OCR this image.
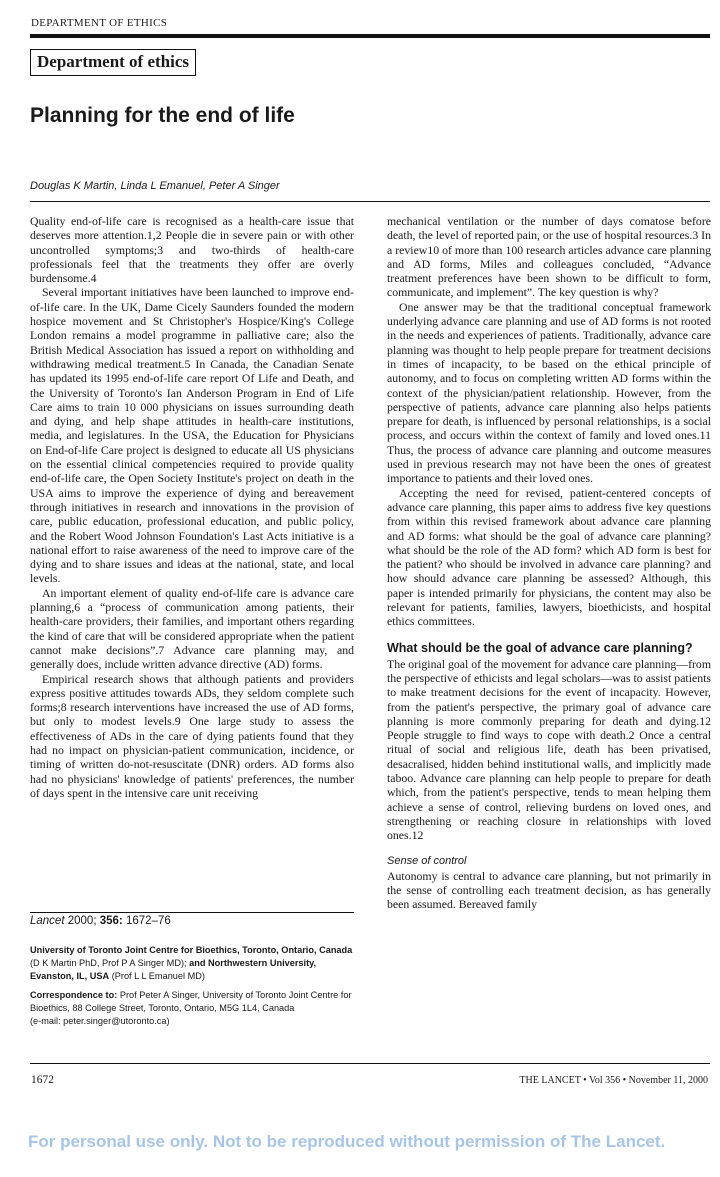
DEPARTMENT OF ETHICS
Department of ethics
Planning for the end of life
Douglas K Martin, Linda L Emanuel, Peter A Singer

Quality end-of-life care is recognised as a health-care issue that deserves more attention.1,2 People die in severe pain or with other uncontrolled symptoms;3 and two-thirds of health-care professionals feel that the treatments they offer are overly burdensome.4

Several important initiatives have been launched to improve end-of-life care. In the UK, Dame Cicely Saunders founded the modern hospice movement and St Christopher's Hospice/King's College London remains a model programme in palliative care; also the British Medical Association has issued a report on withholding and withdrawing medical treatment.5 In Canada, the Canadian Senate has updated its 1995 end-of-life care report Of Life and Death, and the University of Toronto's Ian Anderson Program in End of Life Care aims to train 10 000 physicians on issues surrounding death and dying, and help shape attitudes in health-care institutions, media, and legislatures. In the USA, the Education for Physicians on End-of-life Care project is designed to educate all US physicians on the essential clinical competencies required to provide quality end-of-life care, the Open Society Institute's project on death in the USA aims to improve the experience of dying and bereavement through initiatives in research and innovations in the provision of care, public education, professional education, and public policy, and the Robert Wood Johnson Foundation's Last Acts initiative is a national effort to raise awareness of the need to improve care of the dying and to share issues and ideas at the national, state, and local levels.

An important element of quality end-of-life care is advance care planning,6 a “process of communication among patients, their health-care providers, their families, and important others regarding the kind of care that will be considered appropriate when the patient cannot make decisions”.7 Advance care planning may, and generally does, include written advance directive (AD) forms.

Empirical research shows that although patients and providers express positive attitudes towards ADs, they seldom complete such forms;8 research interventions have increased the use of AD forms, but only to modest levels.9 One large study to assess the effectiveness of ADs in the care of dying patients found that they had no impact on physician-patient communication, incidence, or timing of written do-not-resuscitate (DNR) orders. AD forms also had no physicians' knowledge of patients' preferences, the number of days spent in the intensive care unit receiving

mechanical ventilation or the number of days comatose before death, the level of reported pain, or the use of hospital resources.3 In a review10 of more than 100 research articles advance care planning and AD forms, Miles and colleagues concluded, “Advance treatment preferences have been shown to be difficult to form, communicate, and implement”. The key question is why?

One answer may be that the traditional conceptual framework underlying advance care planning and use of AD forms is not rooted in the needs and experiences of patients. Traditionally, advance care planning was thought to help people prepare for treatment decisions in times of incapacity, to be based on the ethical principle of autonomy, and to focus on completing written AD forms within the context of the physician/patient relationship. However, from the perspective of patients, advance care planning also helps patients prepare for death, is influenced by personal relationships, is a social process, and occurs within the context of family and loved ones.11 Thus, the process of advance care planning and outcome measures used in previous research may not have been the ones of greatest importance to patients and their loved ones.

Accepting the need for revised, patient-centered concepts of advance care planning, this paper aims to address five key questions from within this revised framework about advance care planning and AD forms: what should be the goal of advance care planning? what should be the role of the AD form? which AD form is best for the patient? who should be involved in advance care planning? and how should advance care planning be assessed? Although, this paper is intended primarily for physicians, the content may also be relevant for patients, families, lawyers, bioethicists, and hospital ethics committees.

What should be the goal of advance care planning?

The original goal of the movement for advance care planning—from the perspective of ethicists and legal scholars—was to assist patients to make treatment decisions for the event of incapacity. However, from the patient's perspective, the primary goal of advance care planning is more commonly preparing for death and dying.12 People struggle to find ways to cope with death.2 Once a central ritual of social and religious life, death has been privatised, desacralised, hidden behind institutional walls, and implicitly made taboo. Advance care planning can help people to prepare for death which, from the patient's perspective, tends to mean helping them achieve a sense of control, relieving burdens on loved ones, and strengthening or reaching closure in relationships with loved ones.12

Sense of control

Autonomy is central to advance care planning, but not primarily in the sense of controlling each treatment decision, as has generally been assumed. Bereaved family

Lancet 2000; 356: 1672–76
University of Toronto Joint Centre for Bioethics, Toronto, Ontario, Canada (D K Martin PhD, Prof P A Singer MD); and Northwestern University, Evanston, IL, USA (Prof L L Emanuel MD)
Correspondence to: Prof Peter A Singer, University of Toronto Joint Centre for Bioethics, 88 College Street, Toronto, Ontario, M5G 1L4, Canada
(e-mail: peter.singer@utoronto.ca)
1672	THE LANCET • Vol 356 • November 11, 2000
For personal use only. Not to be reproduced without permission of The Lancet.
